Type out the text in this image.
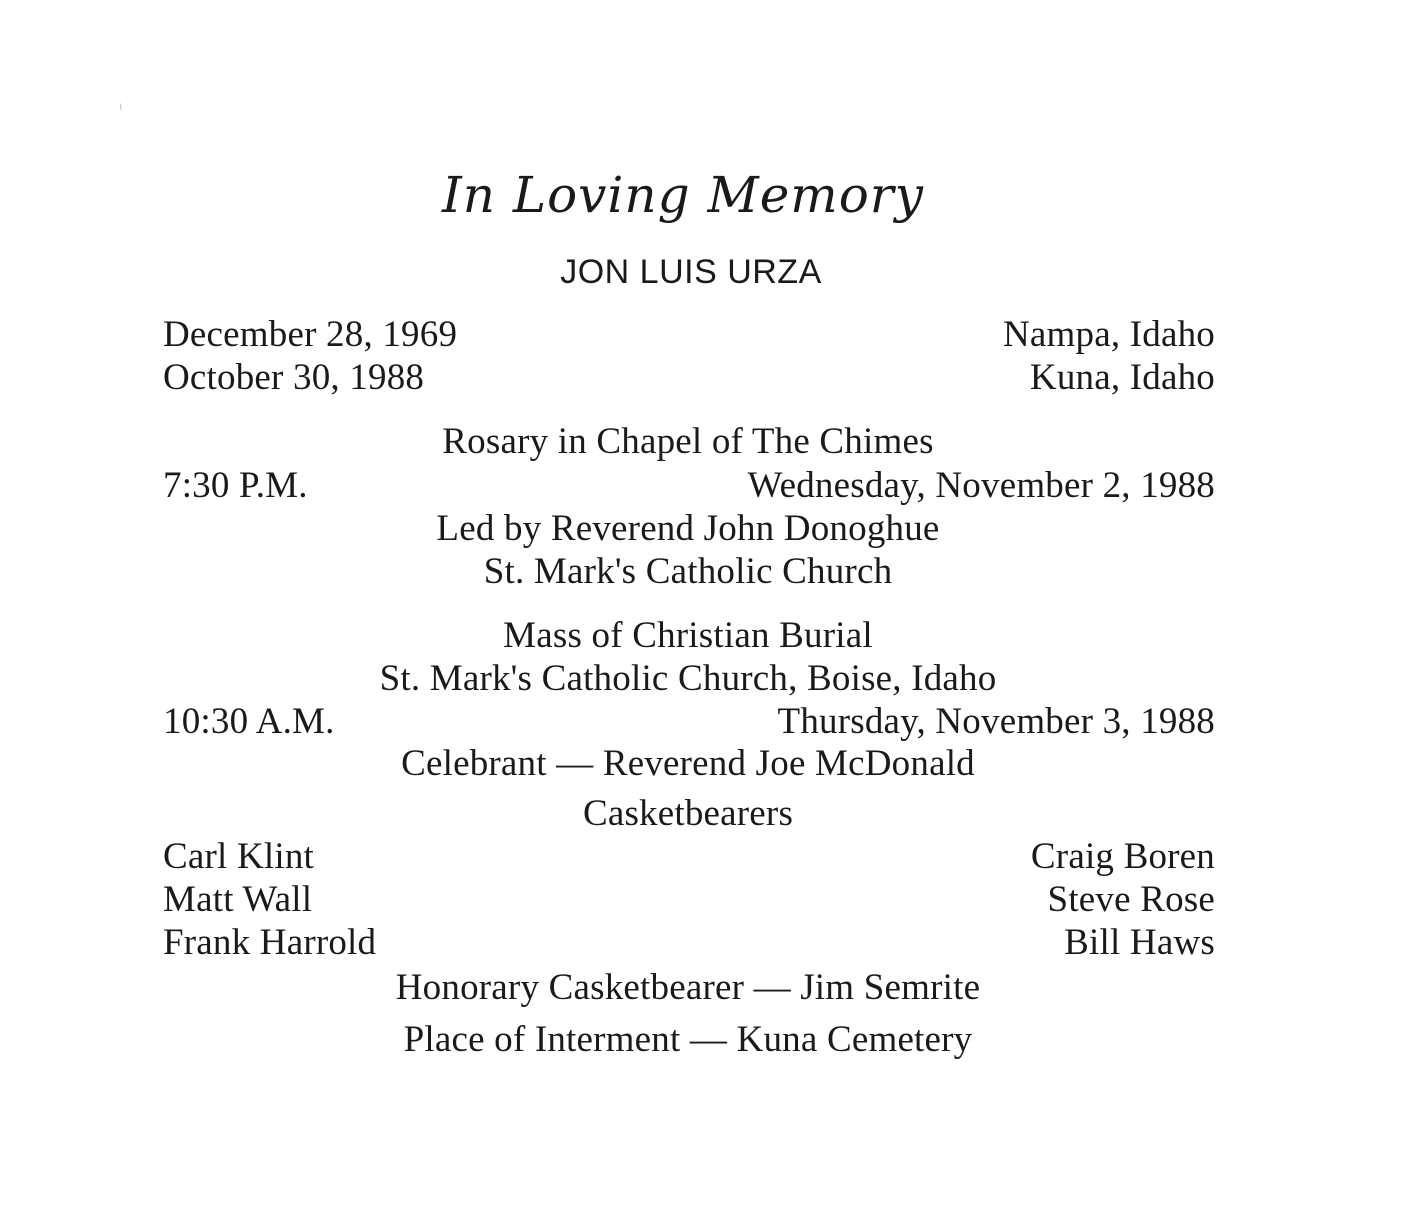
In Loving Memory
JON LUIS URZA
December 28, 1969	Nampa, Idaho
October 30, 1988	Kuna, Idaho
Rosary in Chapel of The Chimes
7:30 P.M.	Wednesday, November 2, 1988
Led by Reverend John Donoghue
St. Mark's Catholic Church
Mass of Christian Burial
St. Mark's Catholic Church, Boise, Idaho
10:30 A.M.	Thursday, November 3, 1988
Celebrant — Reverend Joe McDonald
Casketbearers
Carl Klint	Craig Boren
Matt Wall	Steve Rose
Frank Harrold	Bill Haws
Honorary Casketbearer — Jim Semrite
Place of Interment — Kuna Cemetery
